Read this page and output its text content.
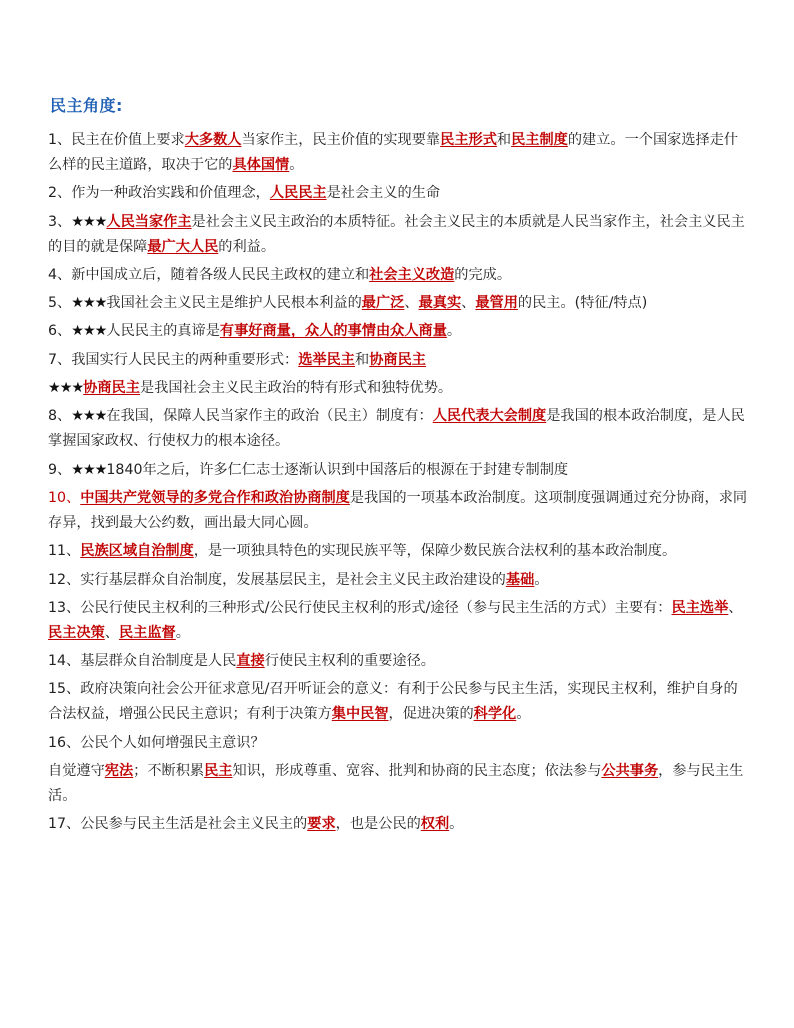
民主角度:

1、民主在价值上要求大多数人当家作主，民主价值的实现要靠民主形式和民主制度的建立。一个国家选择走什么样的民主道路，取决于它的具体国情。

2、作为一种政治实践和价值理念，人民民主是社会主义的生命

3、★★★人民当家作主是社会主义民主政治的本质特征。社会主义民主的本质就是人民当家作主，社会主义民主的目的就是保障最广大人民的利益。

4、新中国成立后，随着各级人民民主政权的建立和社会主义改造的完成。

5、★★★我国社会主义民主是维护人民根本利益的最广泛、最真实、最管用的民主。(特征/特点)

6、★★★人民民主的真谛是有事好商量，众人的事情由众人商量。

7、我国实行人民民主的两种重要形式：选举民主和协商民主

★★★协商民主是我国社会主义民主政治的特有形式和独特优势。

8、★★★在我国，保障人民当家作主的政治（民主）制度有：人民代表大会制度是我国的根本政治制度，是人民掌握国家政权、行使权力的根本途径。

9、★★★1840年之后，许多仁仁志士逐渐认识到中国落后的根源在于封建专制制度

10、中国共产党领导的多党合作和政治协商制度是我国的一项基本政治制度。这项制度强调通过充分协商，求同存异，找到最大公约数，画出最大同心圆。

11、民族区域自治制度，是一项独具特色的实现民族平等，保障少数民族合法权利的基本政治制度。

12、实行基层群众自治制度，发展基层民主，是社会主义民主政治建设的基础。

13、公民行使民主权利的三种形式/公民行使民主权利的形式/途径（参与民主生活的方式）主要有：民主选举、民主决策、民主监督。

14、基层群众自治制度是人民直接行使民主权利的重要途径。

15、政府决策向社会公开征求意见/召开听证会的意义：有利于公民参与民主生活，实现民主权利，维护自身的合法权益，增强公民民主意识；有利于决策方集中民智，促进决策的科学化。

16、公民个人如何增强民主意识？

自觉遵守宪法；不断积累民主知识，形成尊重、宽容、批判和协商的民主态度；依法参与公共事务，参与民主生活。

17、公民参与民主生活是社会主义民主的要求，也是公民的权利。
